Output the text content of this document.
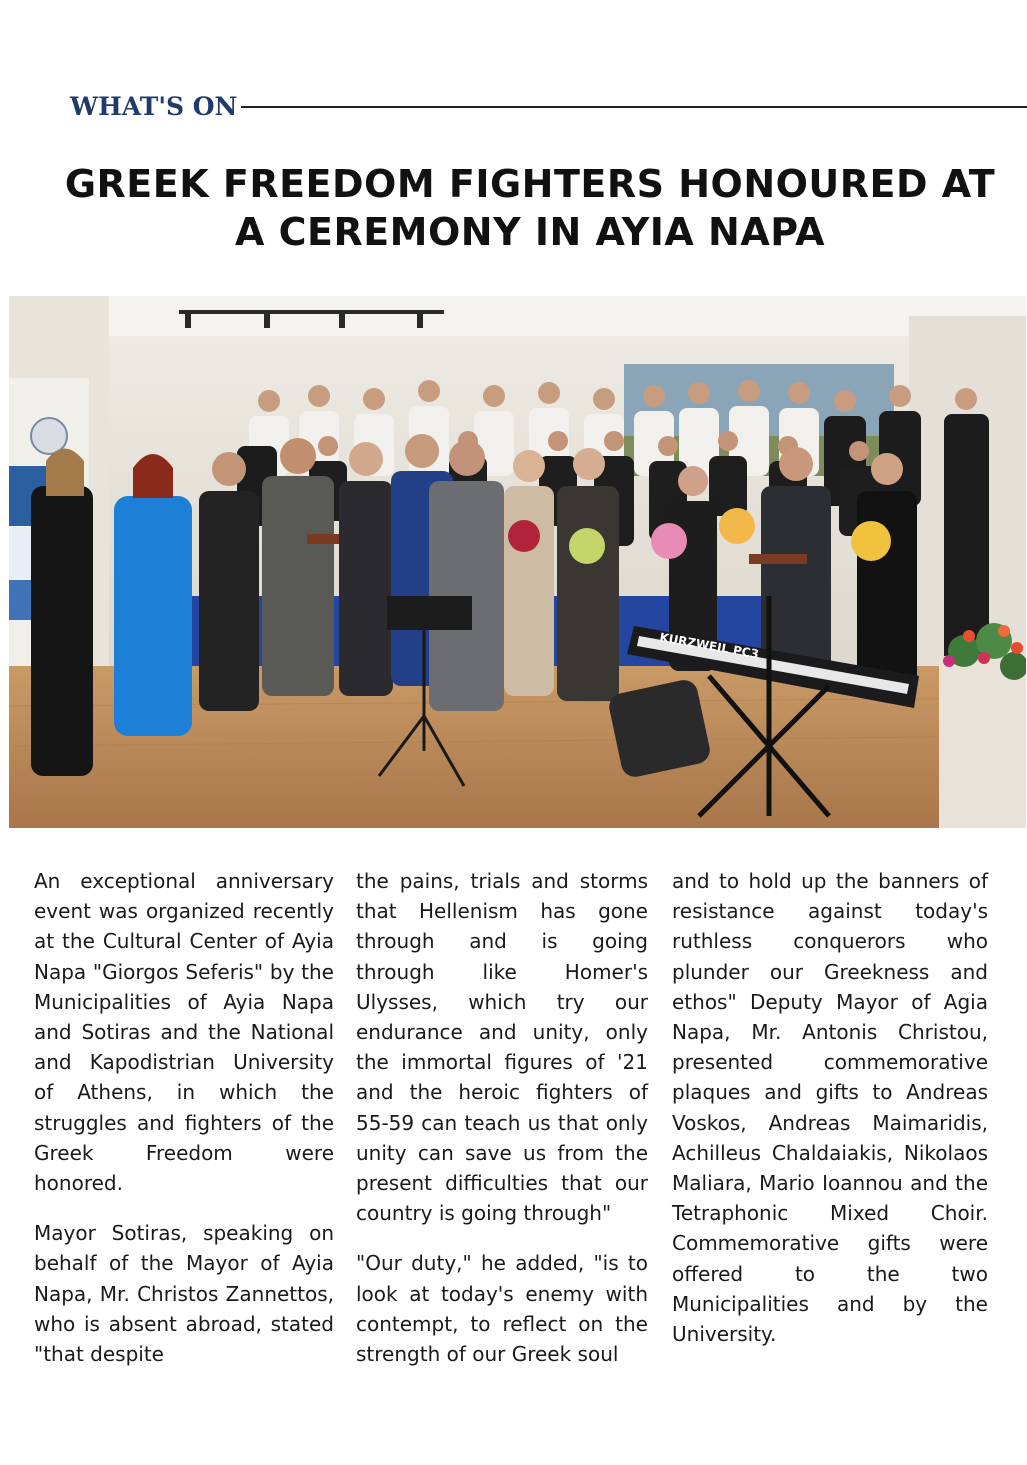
WHAT'S ON
GREEK FREEDOM FIGHTERS HONOURED AT
A CEREMONY IN AYIA NAPA
KURZWEIL PC3

An exceptional anniversary event was organized recently at the Cultural Center of Ayia Napa "Giorgos Seferis" by the Municipalities of Ayia Napa and Sotiras and the National and Kapodistrian University of Athens, in which the struggles and fighters of the Greek Freedom were honored.

Mayor Sotiras, speaking on behalf of the Mayor of Ayia Napa, Mr. Christos Zannettos, who is absent abroad, stated "that despite

the pains, trials and storms that Hellenism has gone through and is going through like Homer's Ulysses, which try our endurance and unity, only the immortal figures of '21 and the heroic fighters of 55-59 can teach us that only unity can save us from the present difficulties that our country is going through"

"Our duty," he added, "is to look at today's enemy with contempt, to reflect on the strength of our Greek soul

and to hold up the banners of resistance against today's ruthless conquerors who plunder our Greekness and ethos" Deputy Mayor of Agia Napa, Mr. Antonis Christou, presented commemorative plaques and gifts to Andreas Voskos, Andreas Maimaridis, Achilleus Chaldaiakis, Nikolaos Maliara, Mario Ioannou and the Tetraphonic Mixed Choir. Commemorative gifts were offered to the two Municipalities and by the University.
